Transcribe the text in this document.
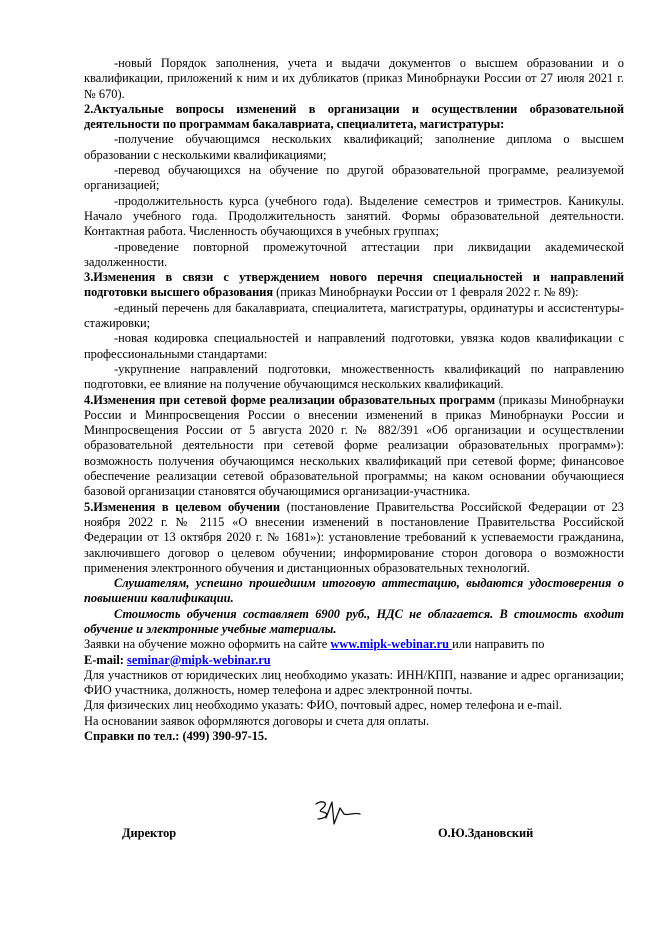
-новый Порядок заполнения, учета и выдачи документов о высшем образовании и о квалификации, приложений к ним и их дубликатов (приказ Минобрнауки России от 27 июля 2021 г. № 670).

2.Актуальные вопросы изменений в организации и осуществлении образовательной деятельности по программам бакалавриата, специалитета, магистратуры:

-получение обучающимся нескольких квалификаций; заполнение диплома о высшем образовании с несколькими квалификациями;

-перевод обучающихся на обучение по другой образовательной программе, реализуемой организацией;

-продолжительность курса (учебного года). Выделение семестров и триместров. Каникулы. Начало учебного года. Продолжительность занятий. Формы образовательной деятельности. Контактная работа. Численность обучающихся в учебных группах;

-проведение повторной промежуточной аттестации при ликвидации академической задолженности.

3.Изменения в связи с утверждением нового перечня специальностей и направлений подготовки высшего образования (приказ Минобрнауки России от 1 февраля 2022 г. № 89):

-единый перечень для бакалавриата, специалитета, магистратуры, ординатуры и ассистентуры-стажировки;

-новая кодировка специальностей и направлений подготовки, увязка кодов квалификации с профессиональными стандартами:

-укрупнение направлений подготовки, множественность квалификаций по направлению подготовки, ее влияние на получение обучающимся нескольких квалификаций.

4.Изменения при сетевой форме реализации образовательных программ (приказы Минобрнауки России и Минпросвещения России о внесении изменений в приказ Минобрнауки России и Минпросвещения России от 5 августа 2020 г. № 882/391 «Об организации и осуществлении образовательной деятельности при сетевой форме реализации образовательных программ»): возможность получения обучающимся нескольких квалификаций при сетевой форме; финансовое обеспечение реализации сетевой образовательной программы; на каком основании обучающиеся базовой организации становятся обучающимися организации-участника.

5.Изменения в целевом обучении (постановление Правительства Российской Федерации от 23 ноября 2022 г. № 2115 «О внесении изменений в постановление Правительства Российской Федерации от 13 октября 2020 г. № 1681»): установление требований к успеваемости гражданина, заключившего договор о целевом обучении; информирование сторон договора о возможности применения электронного обучения и дистанционных образовательных технологий.

Слушателям, успешно прошедшим итоговую аттестацию, выдаются удостоверения о повышении квалификации.

Стоимость обучения составляет 6900 руб., НДС не облагается. В стоимость входит обучение и электронные учебные материалы.

Заявки на обучение можно оформить на сайте www.mipk-webinar.ru или направить по
E-mail: seminar@mipk-webinar.ru

Для участников от юридических лиц необходимо указать: ИНН/КПП, название и адрес организации; ФИО участника, должность, номер телефона и адрес электронной почты.

Для физических лиц необходимо указать: ФИО, почтовый адрес, номер телефона и e-mail.

На основании заявок оформляются договоры и счета для оплаты.

Справки по тел.: (499) 390-97-15.

Директор	О.Ю.Здановский
